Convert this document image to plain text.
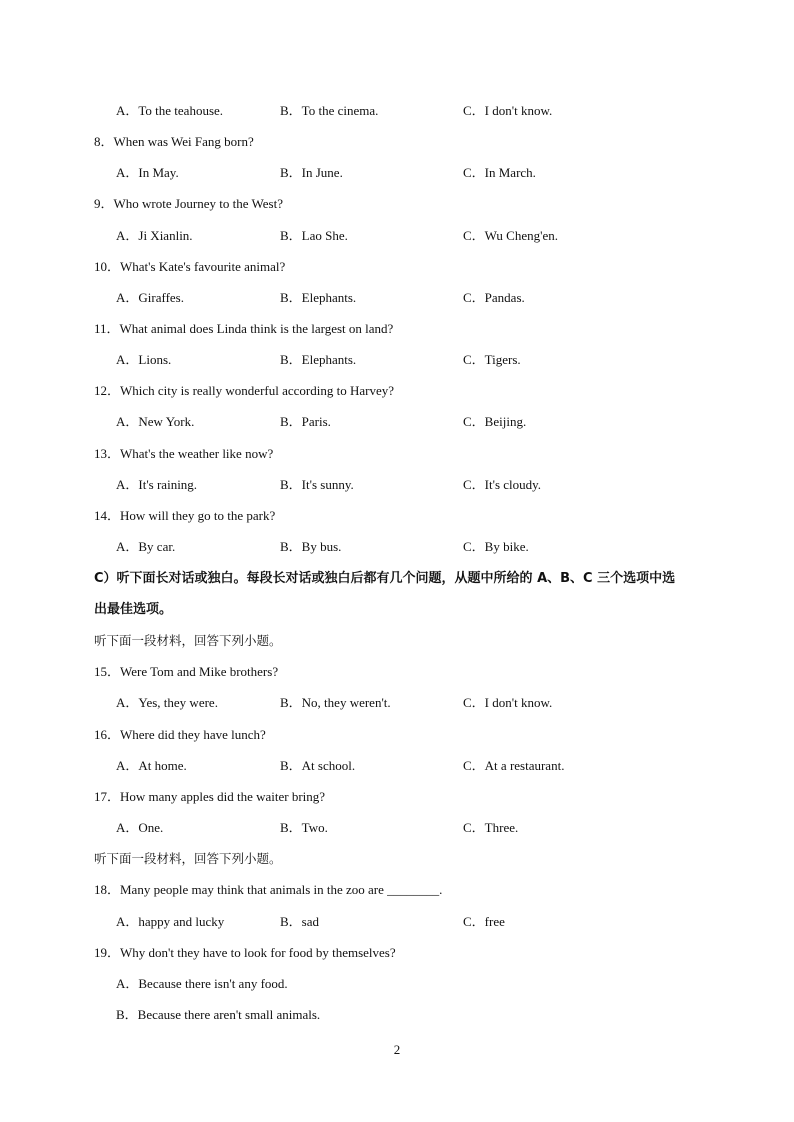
A．To the teahouse.	B．To the cinema.	C．I don't know.
8．When was Wei Fang born?
A．In May.	B．In June.	C．In March.
9．Who wrote Journey to the West?
A．Ji Xianlin.	B．Lao She.	C．Wu Cheng'en.
10．What's Kate's favourite animal?
A．Giraffes.	B．Elephants.	C．Pandas.
11．What animal does Linda think is the largest on land?
A．Lions.	B．Elephants.	C．Tigers.
12．Which city is really wonderful according to Harvey?
A．New York.	B．Paris.	C．Beijing.
13．What's the weather like now?
A．It's raining.	B．It's sunny.	C．It's cloudy.
14．How will they go to the park?
A．By car.	B．By bus.	C．By bike.
C）听下面长对话或独白。每段长对话或独白后都有几个问题，从题中所给的 A、B、C 三个选项中选
出最佳选项。
听下面一段材料，回答下列小题。
15．Were Tom and Mike brothers?
A．Yes, they were.	B．No, they weren't.	C．I don't know.
16．Where did they have lunch?
A．At home.	B．At school.	C．At a restaurant.
17．How many apples did the waiter bring?
A．One.	B．Two.	C．Three.
听下面一段材料，回答下列小题。
18．Many people may think that animals in the zoo are ________.
A．happy and lucky	B．sad	C．free
19．Why don't they have to look for food by themselves?
A．Because there isn't any food.
B．Because there aren't small animals.
2
